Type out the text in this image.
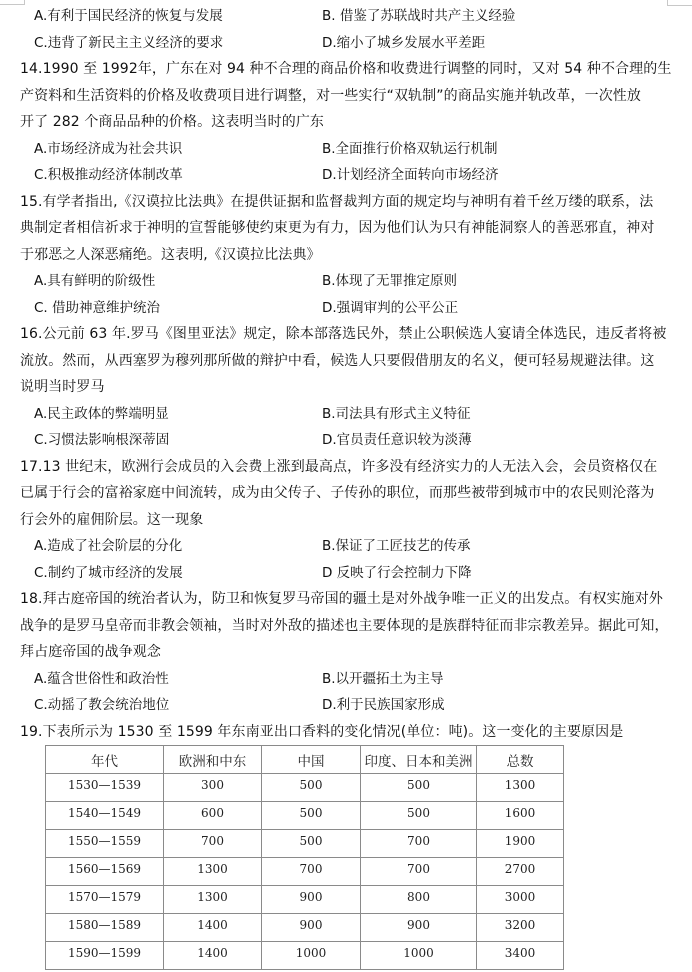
A.有利于国民经济的恢复与发展	B. 借鉴了苏联战时共产主义经验
C.违背了新民主主义经济的要求	D.缩小了城乡发展水平差距
14.1990 至 1992年，广东在对 94 种不合理的商品价格和收费进行调整的同时，又对 54 种不合理的生
产资料和生活资料的价格及收费项目进行调整，对一些实行“双轨制”的商品实施并轨改革，一次性放
开了 282 个商品品种的价格。这表明当时的广东
A.市场经济成为社会共识	B.全面推行价格双轨运行机制
C.积极推动经济体制改革	D.计划经济全面转向市场经济
15.有学者指出,《汉谟拉比法典》在提供证据和监督裁判方面的规定均与神明有着千丝万缕的联系，法
典制定者相信祈求于神明的宣誓能够使约束更为有力，因为他们认为只有神能洞察人的善恶邪直，神对
于邪恶之人深恶痛绝。这表明,《汉谟拉比法典》
A.具有鲜明的阶级性	B.体现了无罪推定原则
C. 借助神意维护统治	D.强调审判的公平公正
16.公元前 63 年.罗马《图里亚法》规定，除本部落选民外，禁止公职候选人宴请全体选民，违反者将被
流放。然而，从西塞罗为穆列那所做的辩护中看，候选人只要假借朋友的名义，便可轻易规避法律。这
说明当时罗马
A.民主政体的弊端明显	B.司法具有形式主义特征
C.习惯法影响根深蒂固	D.官员责任意识较为淡薄
17.13 世纪末，欧洲行会成员的入会费上涨到最高点，许多没有经济实力的人无法入会，会员资格仅在
已属于行会的富裕家庭中间流转，成为由父传子、子传孙的职位，而那些被带到城市中的农民则沦落为
行会外的雇佣阶层。这一现象
A.造成了社会阶层的分化	B.保证了工匠技艺的传承
C.制约了城市经济的发展	D 反映了行会控制力下降
18.拜古庭帝国的统治者认为，防卫和恢复罗马帝国的疆土是对外战争唯一正义的出发点。有权实施对外
战争的是罗马皇帝而非教会领袖，当时对外敌的描述也主要体现的是族群特征而非宗教差异。据此可知，
拜占庭帝国的战争观念
A.蕴含世俗性和政治性	B.以开疆拓土为主导
C.动摇了教会统治地位	D.利于民族国家形成
19.下表所示为 1530 至 1599 年东南亚出口香料的变化情况(单位：吨)。这一变化的主要原因是
年代	欧洲和中东	中国	印度、日本和美洲	总数
1530—1539	300	500	500	1300
1540—1549	600	500	500	1600
1550—1559	700	500	700	1900
1560—1569	1300	700	700	2700
1570—1579	1300	900	800	3000
1580—1589	1400	900	900	3200
1590—1599	1400	1000	1000	3400
